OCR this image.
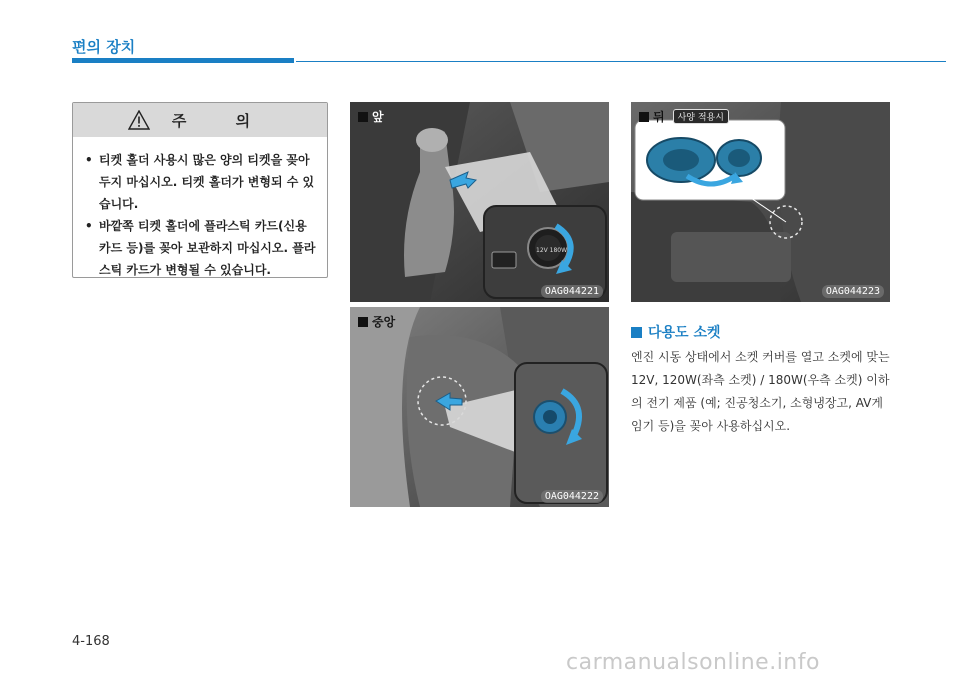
편의 장치
주 의
• 티켓 홀더 사용시 많은 양의 티켓을 꽂아 두지 마십시오. 티켓 홀더가 변형되 수 있습니다.
• 바깥쪽 티켓 홀더에 플라스틱 카드(신용카드 등)를 꽂아 보관하지 마십시오. 플라스틱 카드가 변형될 수 있습니다.
12V 180W
앞
OAG044221
중앙
OAG044222
뒤	사양 적용시
OAG044223
다용도 소켓
엔진 시동 상태에서 소켓 커버를 열고 소켓에 맞는 12V, 120W(좌측 소켓) / 180W(우측 소켓) 이하의 전기 제품 (예; 진공청소기, 소형냉장고, AV게임기 등)을 꽂아 사용하십시오.
4-168
carmanualsonline.info
